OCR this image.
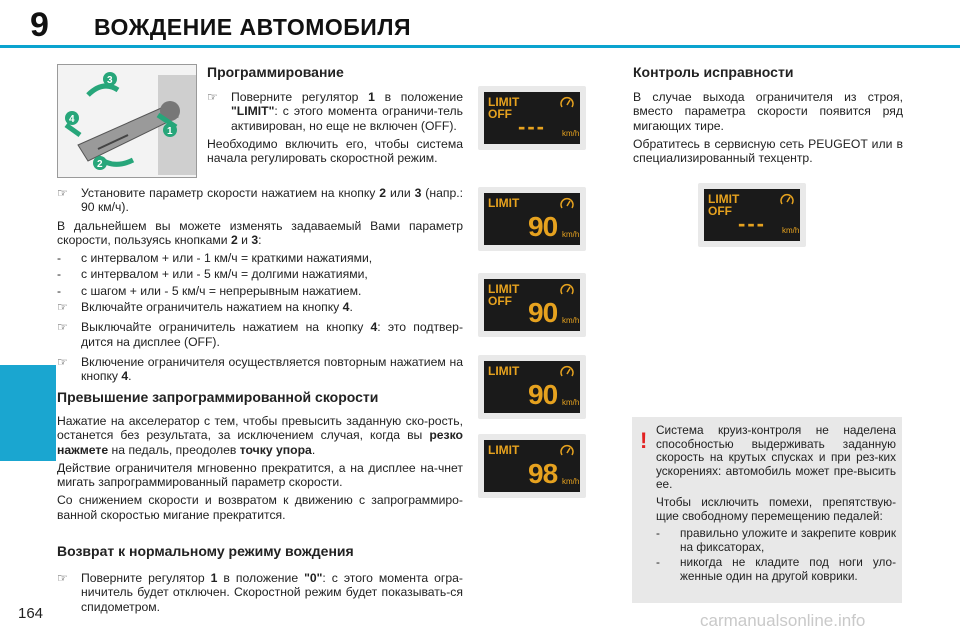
9 ВОЖДЕНИЕ АВТОМОБИЛЯ
164	carmanualsonline.info
1
2
3
4
Программирование
☞ Поверните регулятор 1 в положение "LIMIT": с этого момента ограничи-тель активирован, но еще не включен (OFF).

Необходимо включить его, чтобы система начала регулировать скоростной режим.

☞ Установите параметр скорости нажатием на кнопку 2 или 3 (напр.: 90 км/ч).

В дальнейшем вы можете изменять задаваемый Вами параметр скорости, пользуясь кнопками 2 и 3:

- с интервалом + или - 1 км/ч = краткими нажатиями,
- с интервалом + или - 5 км/ч = долгими нажатиями,
- с шагом + или - 5 км/ч = непрерывным нажатием.
☞ Включайте ограничитель нажатием на кнопку 4.
☞ Выключайте ограничитель нажатием на кнопку 4: это подтвер-дится на дисплее (OFF).
☞ Включение ограничителя осуществляется повторным нажатием на кнопку 4.
Превышение запрограммированной скорости

Нажатие на акселератор с тем, чтобы превысить заданную ско-рость, останется без результата, за исключением случая, когда вы резко нажмете на педаль, преодолев точку упора.

Действие ограничителя мгновенно прекратится, а на дисплее на-чнет мигать запрограммированный параметр скорости.

Со снижением скорости и возвратом к движению с запрограммиро-ванной скоростью мигание прекратится.

Возврат к нормальному режиму вождения
☞ Поверните регулятор 1 в положение "0": с этого момента огра-ничитель будет отключен. Скоростной режим будет показывать-ся спидометром.
LIMIT
OFF --- km/h
LIMIT
90 km/h
LIMIT
OFF 90 km/h
LIMIT
90 km/h
LIMIT
98 km/h
LIMIT
OFF --- km/h
Контроль исправности

В случае выхода ограничителя из строя, вместо параметра скорости появится ряд мигающих тире.

Обратитесь в сервисную сеть PEUGEOT или в специализированный техцентр.

! Система круиз-контроля не наделена способностью выдерживать заданную скорость на крутых спусках и при рез-ких ускорениях: автомобиль может пре-высить ее.

Чтобы исключить помехи, препятствую-щие свободному перемещению педалей:

- правильно уложите и закрепите коврик на фиксаторах,
- никогда не кладите под ноги уло-женные один на другой коврики.
